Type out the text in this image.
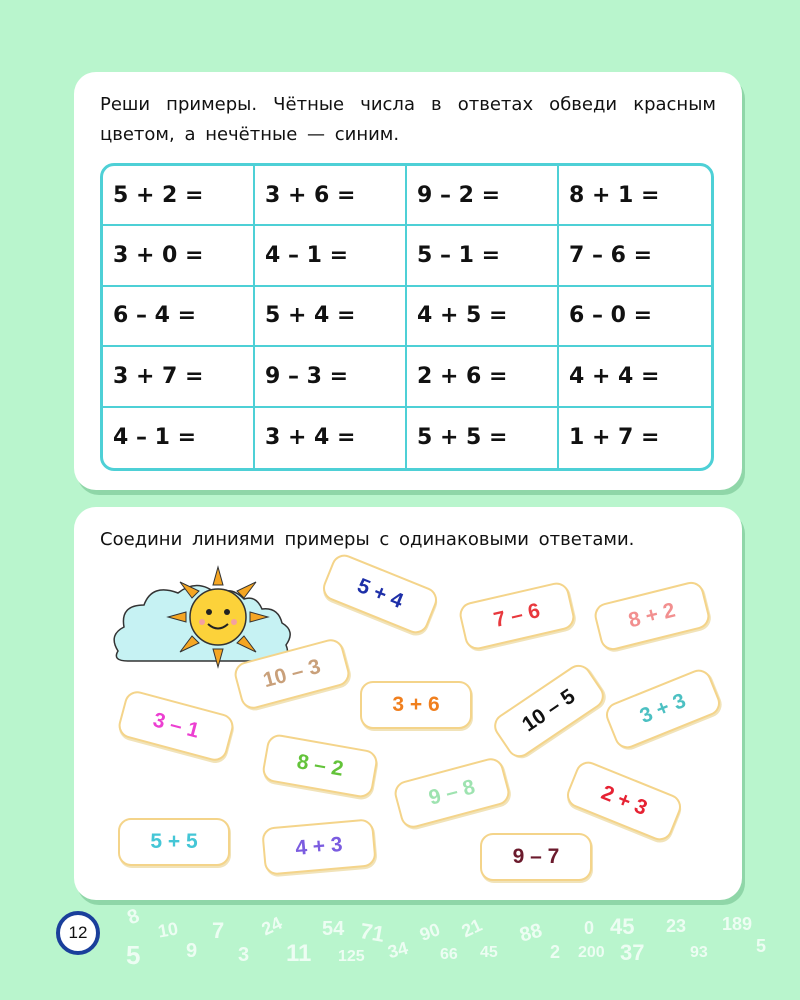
Реши примеры. Чётные числа в ответах обведи красным цветом, а нечётные — синим.

5 + 2 =	3 + 6 =	9 – 2 =	8 + 1 =
3 + 0 =	4 – 1 =	5 – 1 =	7 – 6 =
6 – 4 =	5 + 4 =	4 + 5 =	6 – 0 =
3 + 7 =	9 – 3 =	2 + 6 =	4 + 4 =
4 – 1 =	3 + 4 =	5 + 5 =	1 + 7 =

Соедини линиями примеры с одинаковыми ответами.

5 + 4
7 – 6	8 + 2
10 – 3
3 + 6	10 – 5	3 + 3
3 – 1
8 – 2
9 – 8	2 + 3
5 + 5	4 + 3	9 – 7
12
8
10
5 9
7
3
24
11
54 71
125 34
90
66
21
45
88
2 200
0 45
37
23
93
189
5
